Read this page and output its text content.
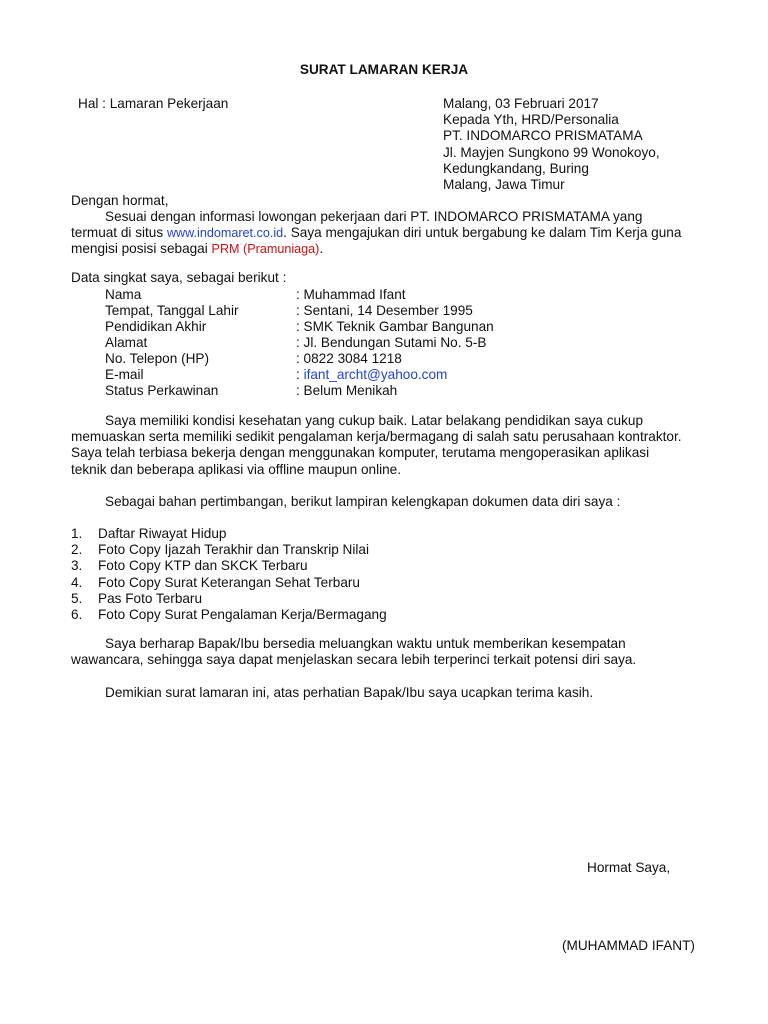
SURAT LAMARAN KERJA
Hal : Lamaran Pekerjaan	Malang, 03 Februari 2017
Kepada Yth, HRD/Personalia
PT. INDOMARCO PRISMATAMA
Jl. Mayjen Sungkono 99 Wonokoyo,
Kedungkandang, Buring
Malang, Jawa Timur
Dengan hormat,
Sesuai dengan informasi lowongan pekerjaan dari PT. INDOMARCO PRISMATAMA yang
termuat di situs www.indomaret.co.id. Saya mengajukan diri untuk bergabung ke dalam Tim Kerja guna
mengisi posisi sebagai PRM (Pramuniaga).
Data singkat saya, sebagai berikut :
Nama	: Muhammad Ifant
Tempat, Tanggal Lahir	: Sentani, 14 Desember 1995
Pendidikan Akhir	: SMK Teknik Gambar Bangunan
Alamat	: Jl. Bendungan Sutami No. 5-B
No. Telepon (HP)	: 0822 3084 1218
E-mail	: ifant_archt@yahoo.com
Status Perkawinan	: Belum Menikah
Saya memiliki kondisi kesehatan yang cukup baik. Latar belakang pendidikan saya cukup
memuaskan serta memiliki sedikit pengalaman kerja/bermagang di salah satu perusahaan kontraktor.
Saya telah terbiasa bekerja dengan menggunakan komputer, terutama mengoperasikan aplikasi
teknik dan beberapa aplikasi via offline maupun online.
Sebagai bahan pertimbangan, berikut lampiran kelengkapan dokumen data diri saya :
1. Daftar Riwayat Hidup
2. Foto Copy Ijazah Terakhir dan Transkrip Nilai
3. Foto Copy KTP dan SKCK Terbaru
4. Foto Copy Surat Keterangan Sehat Terbaru
5. Pas Foto Terbaru
6. Foto Copy Surat Pengalaman Kerja/Bermagang
Saya berharap Bapak/Ibu bersedia meluangkan waktu untuk memberikan kesempatan
wawancara, sehingga saya dapat menjelaskan secara lebih terperinci terkait potensi diri saya.
Demikian surat lamaran ini, atas perhatian Bapak/Ibu saya ucapkan terima kasih.
Hormat Saya,
(MUHAMMAD IFANT)
